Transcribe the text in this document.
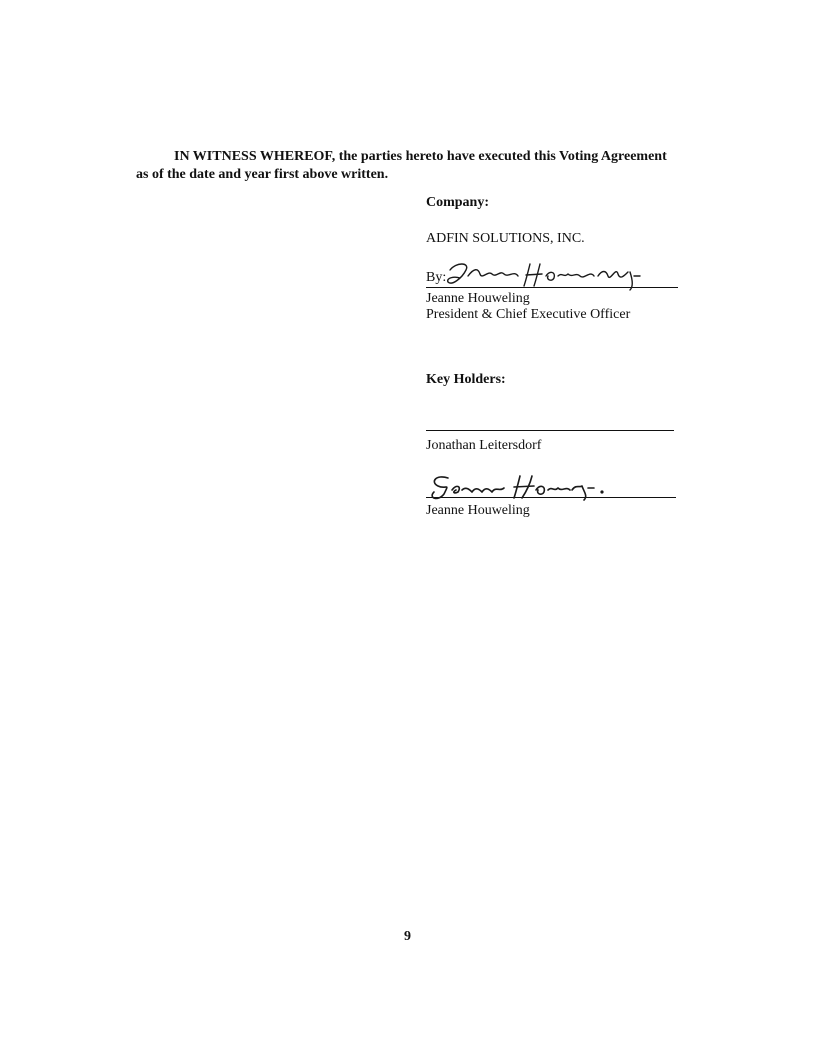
IN WITNESS WHEREOF, the parties hereto have executed this Voting Agreement as of the date and year first above written.
Company:
ADFIN SOLUTIONS, INC.
By:
Jeanne Houweling
President & Chief Executive Officer
Key Holders:
Jonathan Leitersdorf
Jeanne Houweling
9
